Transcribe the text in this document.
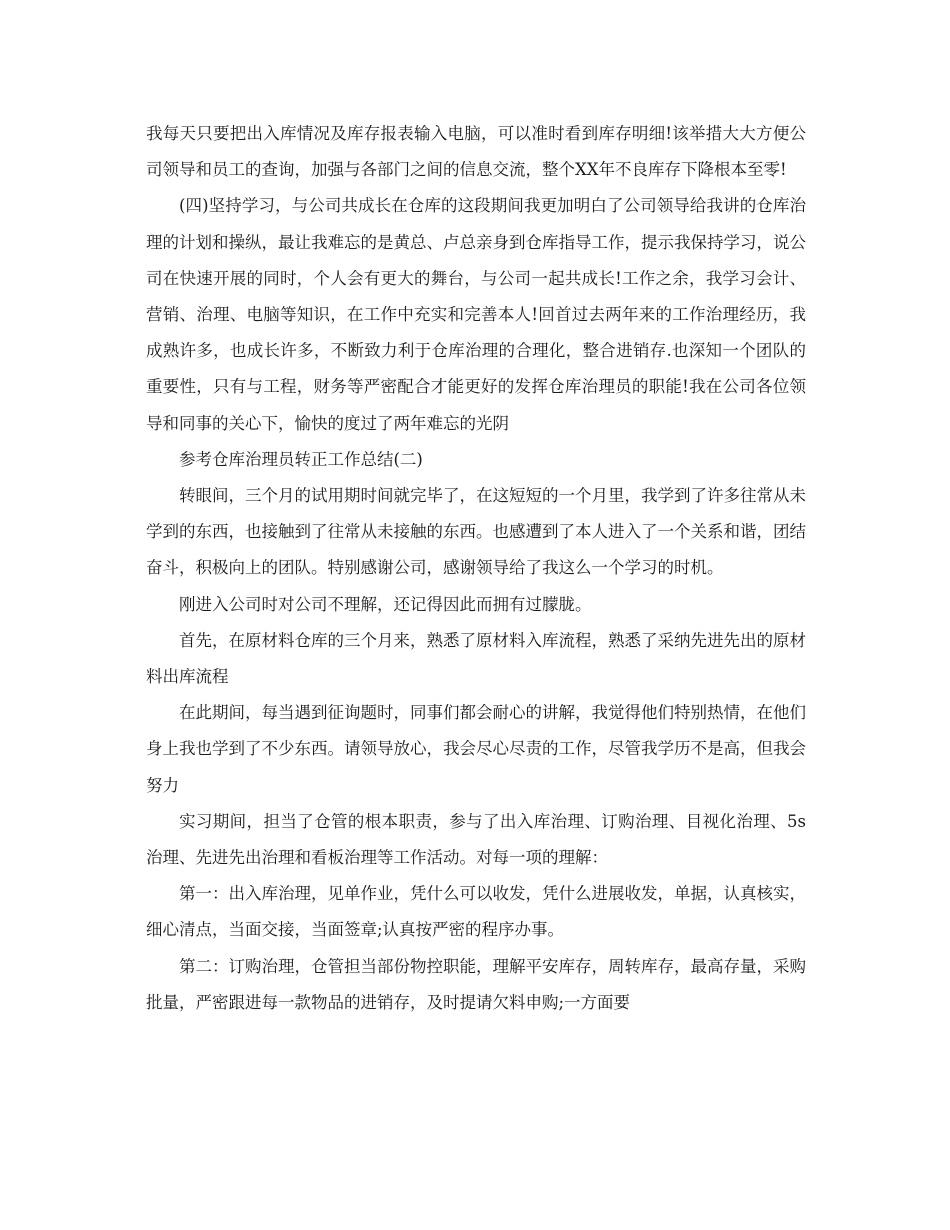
我每天只要把出入库情况及库存报表输入电脑，可以准时看到库存明细!该举措大大方便公司领导和员工的查询，加强与各部门之间的信息交流，整个XX年不良库存下降根本至零!

(四)坚持学习，与公司共成长在仓库的这段期间我更加明白了公司领导给我讲的仓库治理的计划和操纵，最让我难忘的是黄总、卢总亲身到仓库指导工作，提示我保持学习，说公司在快速开展的同时，个人会有更大的舞台，与公司一起共成长!工作之余，我学习会计、营销、治理、电脑等知识，在工作中充实和完善本人!回首过去两年来的工作治理经历，我成熟许多，也成长许多，不断致力利于仓库治理的合理化，整合进销存.也深知一个团队的重要性，只有与工程，财务等严密配合才能更好的发挥仓库治理员的职能!我在公司各位领导和同事的关心下，愉快的度过了两年难忘的光阴

参考仓库治理员转正工作总结(二)

转眼间，三个月的试用期时间就完毕了，在这短短的一个月里，我学到了许多往常从未学到的东西，也接触到了往常从未接触的东西。也感遭到了本人进入了一个关系和谐，团结奋斗，积极向上的团队。特别感谢公司，感谢领导给了我这么一个学习的时机。

刚进入公司时对公司不理解，还记得因此而拥有过朦胧。

首先，在原材料仓库的三个月来，熟悉了原材料入库流程，熟悉了采纳先进先出的原材料出库流程

在此期间，每当遇到征询题时，同事们都会耐心的讲解，我觉得他们特别热情，在他们身上我也学到了不少东西。请领导放心，我会尽心尽责的工作，尽管我学历不是高，但我会努力

实习期间，担当了仓管的根本职责，参与了出入库治理、订购治理、目视化治理、5s治理、先进先出治理和看板治理等工作活动。对每一项的理解：

第一：出入库治理，见单作业，凭什么可以收发，凭什么进展收发，单据，认真核实，细心清点，当面交接，当面签章;认真按严密的程序办事。

第二：订购治理，仓管担当部份物控职能，理解平安库存，周转库存，最高存量，采购批量，严密跟进每一款物品的进销存，及时提请欠料申购;一方面要
